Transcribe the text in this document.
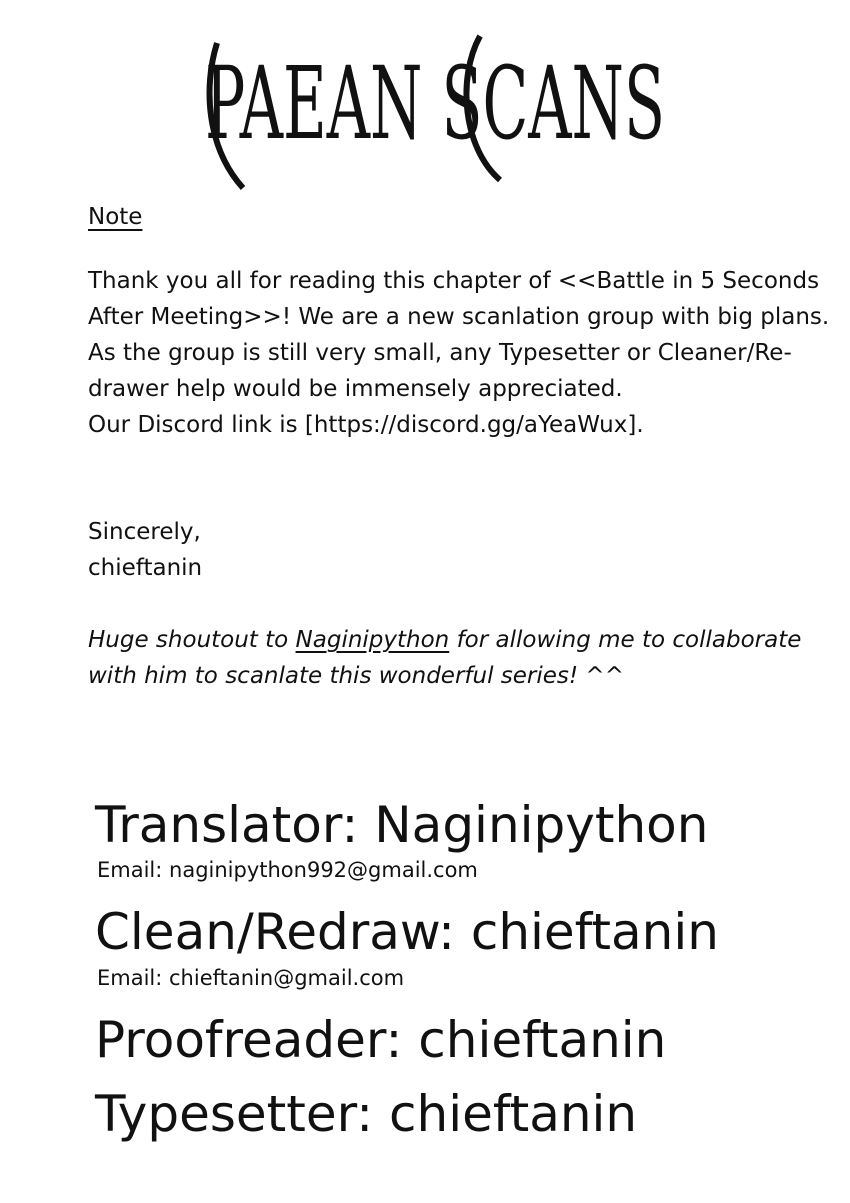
PAEAN SCANS
Note

Thank you all for reading this chapter of <<Battle in 5 Seconds
After Meeting>>! We are a new scanlation group with big plans.
As the group is still very small, any Typesetter or Cleaner/Re-
drawer help would be immensely appreciated.
Our Discord link is [https://discord.gg/aYeaWux].

Sincerely,
chieftanin
Huge shoutout to Naginipython for allowing me to collaborate
with him to scanlate this wonderful series! ^^
Translator: Naginipython
Email: naginipython992@gmail.com
Clean/Redraw: chieftanin
Email: chieftanin@gmail.com
Proofreader: chieftanin
Typesetter: chieftanin
